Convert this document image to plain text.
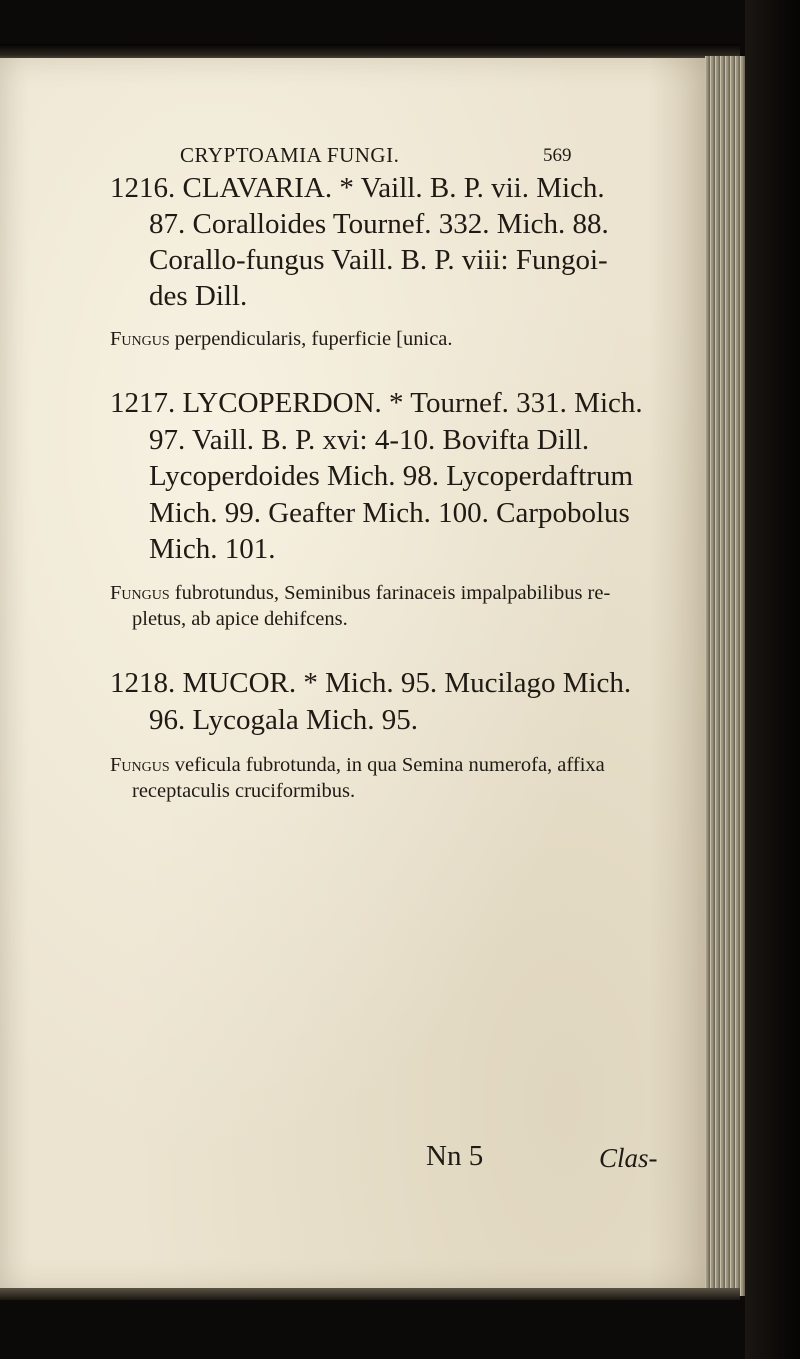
CRYPTOAMIA FUNGI.	569
1216. CLAVARIA. * Vaill. B. P. vii. Mich.
87. Coralloides Tournef. 332. Mich. 88.
Corallo-fungus Vaill. B. P. viii: Fungoi-
des Dill.
Fungus perpendicularis, fuperficie [unica.
1217. LYCOPERDON. * Tournef. 331. Mich.
97. Vaill. B. P. xvi: 4-10. Bovifta Dill.
Lycoperdoides Mich. 98. Lycoperdaftrum
Mich. 99. Geafter Mich. 100. Carpobolus
Mich. 101.
Fungus fubrotundus, Seminibus farinaceis impalpabilibus re-
pletus, ab apice dehifcens.
1218. MUCOR. * Mich. 95. Mucilago Mich.
96. Lycogala Mich. 95.
Fungus veficula fubrotunda, in qua Semina numerofa, affixa
receptaculis cruciformibus.
Nn 5	Clas-
